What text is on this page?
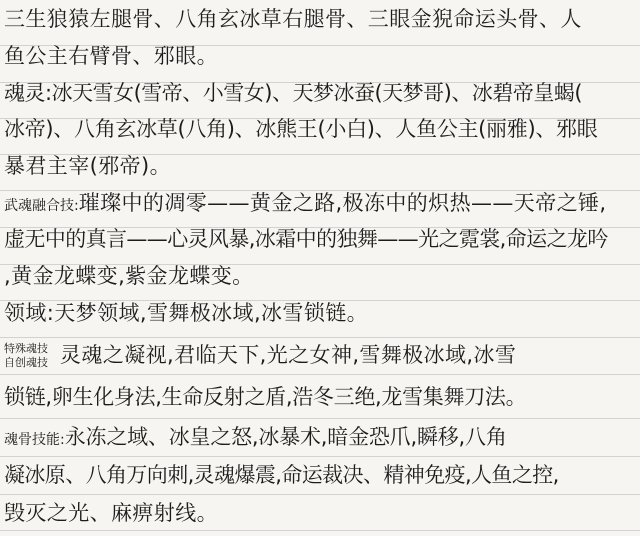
三生狼猿左腿骨、八角玄冰草右腿骨、三眼金猊命运头骨、人
鱼公主右臂骨、邪眼。
魂灵:冰天雪女(雪帝、小雪女)、天梦冰蚕(天梦哥)、冰碧帝皇蝎(
冰帝)、八角玄冰草(八角)、冰熊王(小白)、人鱼公主(丽雅)、邪眼
暴君主宰(邪帝)。
武魂融合技:璀璨中的凋零——黄金之路,极冻中的炽热——天帝之锤,
虚无中的真言——心灵风暴,冰霜中的独舞——光之霓裳,命运之龙吟
,黄金龙蝶变,紫金龙蝶变。
领域:天梦领域,雪舞极冰域,冰雪锁链。
特殊魂技
自创魂技 灵魂之凝视,君临天下,光之女神,雪舞极冰域,冰雪
锁链,卵生化身法,生命反射之盾,浩冬三绝,龙雪集舞刀法。
魂骨技能:永冻之域、冰皇之怒,冰暴术,暗金恐爪,瞬移,八角
凝冰原、八角万向刺,灵魂爆震,命运裁决、精神免疫,人鱼之控,
毁灭之光、麻痹射线。
